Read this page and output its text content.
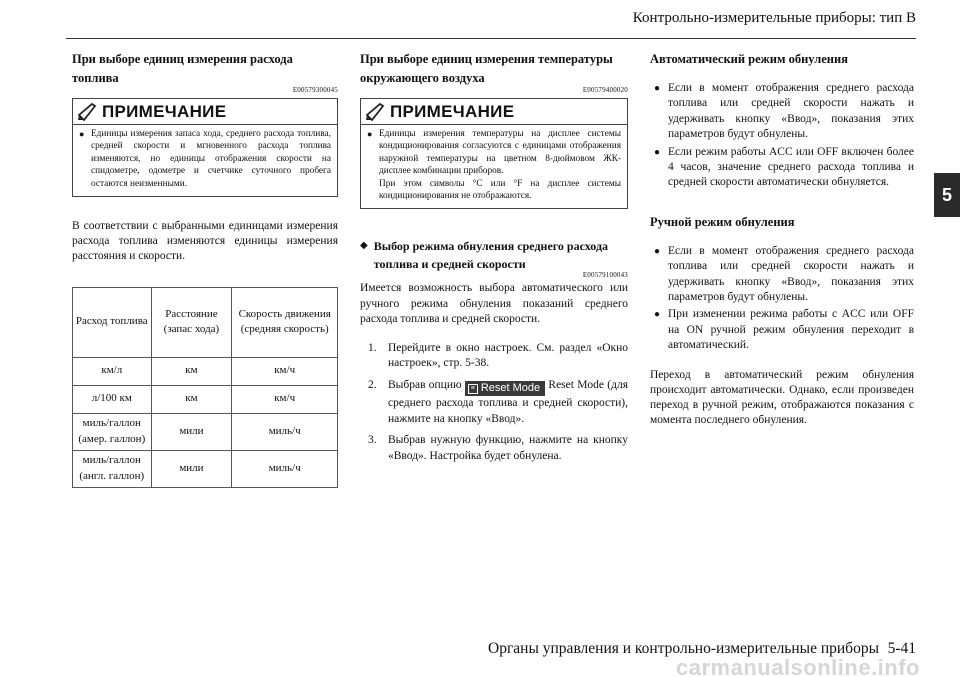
Контрольно-измерительные приборы: тип B
5
При выборе единиц измерения расхода топлива
E00579300045
ПРИМЕЧАНИЕ
● Единицы измерения запаса хода, среднего расхода топлива, средней скорости и мгновенного расхода топлива изменяются, но единицы отображения скорости на спидометре, одометре и счетчике суточного пробега остаются неизменными.

В соответствии с выбранными единицами измерения расхода топлива изменяются единицы измерения расстояния и скорости.

Расход топлива	Расстояние (запас хода)	Скорость движения (средняя скорость)
км/л	км	км/ч
л/100 км	км	км/ч
миль/галлон (амер. галлон)	мили	миль/ч
миль/галлон (англ. галлон)	мили	миль/ч
При выборе единиц измерения температуры окружающего воздуха
E00579400020
ПРИМЕЧАНИЕ
● Единицы измерения температуры на дисплее системы кондиционирования согласуются с единицами отображения наружной температуры на цветном 8-дюймовом ЖК-дисплее комбинации приборов.
При этом символы °С или °F на дисплее системы кондиционирования не отображаются.
◆ Выбор режима обнуления среднего расхода топлива и средней скорости
E00579100043

Имеется возможность выбора автоматического или ручного режима обнуления показаний среднего расхода топлива и средней скорости.

1. Перейдите в окно настроек. См. раздел «Окно настроек», стр. 5-38.
2. Выбрав опцию	≡ Reset Mode Reset Mode (для среднего расхода топлива и средней скорости), нажмите на кнопку «Ввод».
3. Выбрав нужную функцию, нажмите на кнопку «Ввод». Настройка будет обнулена.
Автоматический режим обнуления
● Если в момент отображения среднего расхода топлива или средней скорости нажать и удерживать кнопку «Ввод», показания этих параметров будут обнулены.
● Если режим работы ACC или OFF включен более 4 часов, значение среднего расхода топлива и средней скорости автоматически обнуляется.
Ручной режим обнуления
● Если в момент отображения среднего расхода топлива или средней скорости нажать и удерживать кнопку «Ввод», показания этих параметров будут обнулены.
● При изменении режима работы с ACC или OFF на ON ручной режим обнуления переходит в автоматический.

Переход в автоматический режим обнуления происходит автоматически. Однако, если произведен переход в ручной режим, отображаются показания с момента последнего обнуления.

Органы управления и контрольно-измерительные приборы 5-41
carmanualsonline.info
